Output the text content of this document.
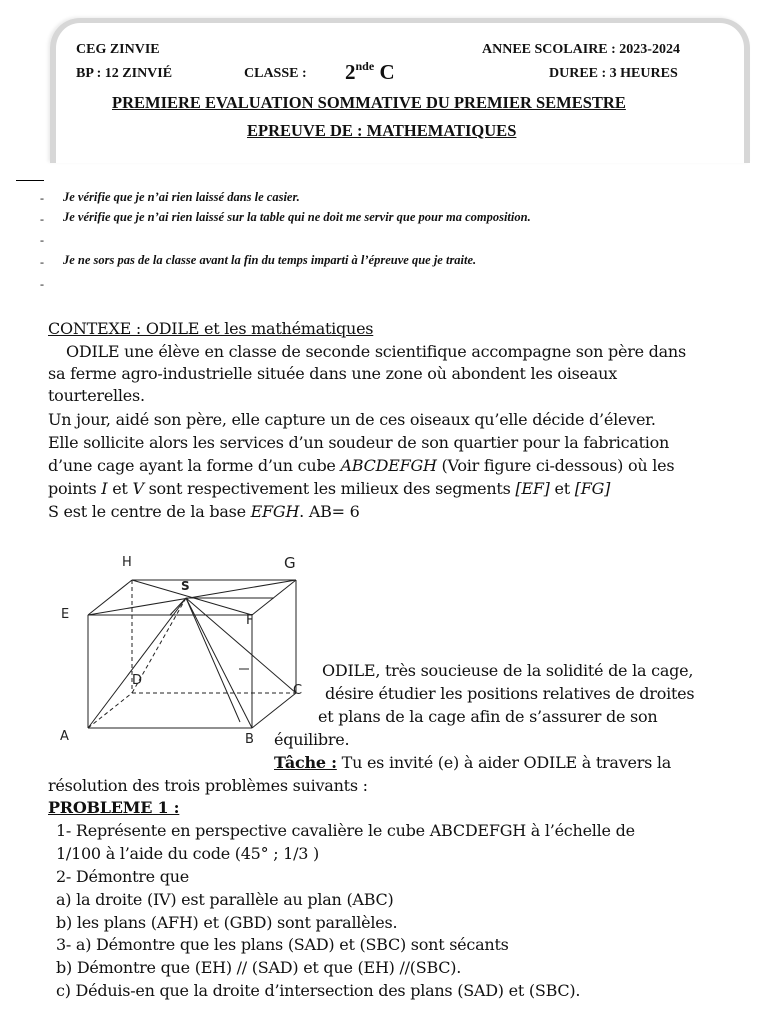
CEG ZINVIE
BP : 12 ZINVIÉ	CLASSE : 2nde C
ANNEE SCOLAIRE : 2023-2024
DUREE : 3 HEURES
PREMIERE EVALUATION SOMMATIVE DU PREMIER SEMESTRE
EPREUVE DE : MATHEMATIQUES
- Je vérifie que je n’ai rien laissé dans le casier.
- Je vérifie que je n’ai rien laissé sur la table qui ne doit me servir que pour ma composition.
-
- Je ne sors pas de la classe avant la fin du temps imparti à l’épreuve que je traite.
-
CONTEXE : ODILE et les mathématiques
ODILE une élève en classe de seconde scientifique accompagne son père dans
sa ferme agro-industrielle située dans une zone où abondent les oiseaux
tourterelles.
Un jour, aidé son père, elle capture un de ces oiseaux qu’elle décide d’élever.
Elle sollicite alors les services d’un soudeur de son quartier pour la fabrication
d’une cage ayant la forme d’un cube ABCDEFGH (Voir figure ci-dessous) où les
points I et V sont respectivement les milieux des segments [EF] et [FG]
S est le centre de la base EFGH. AB= 6
H	G
S
E	F
D
C
A	B
ODILE, très soucieuse de la solidité de la cage,
désire étudier les positions relatives de droites
et plans de la cage afin de s’assurer de son
équilibre.
Tâche : Tu es invité (e) à aider ODILE à travers la
résolution des trois problèmes suivants :
PROBLEME 1 :
1- Représente en perspective cavalière le cube ABCDEFGH à l’échelle de
1/100 à l’aide du code (45° ; 1/3 )
2- Démontre que
a) la droite (IV) est parallèle au plan (ABC)
b) les plans (AFH) et (GBD) sont parallèles.
3- a) Démontre que les plans (SAD) et (SBC) sont sécants
b) Démontre que (EH) // (SAD) et que (EH) //(SBC).
c) Déduis-en que la droite d’intersection des plans (SAD) et (SBC).
